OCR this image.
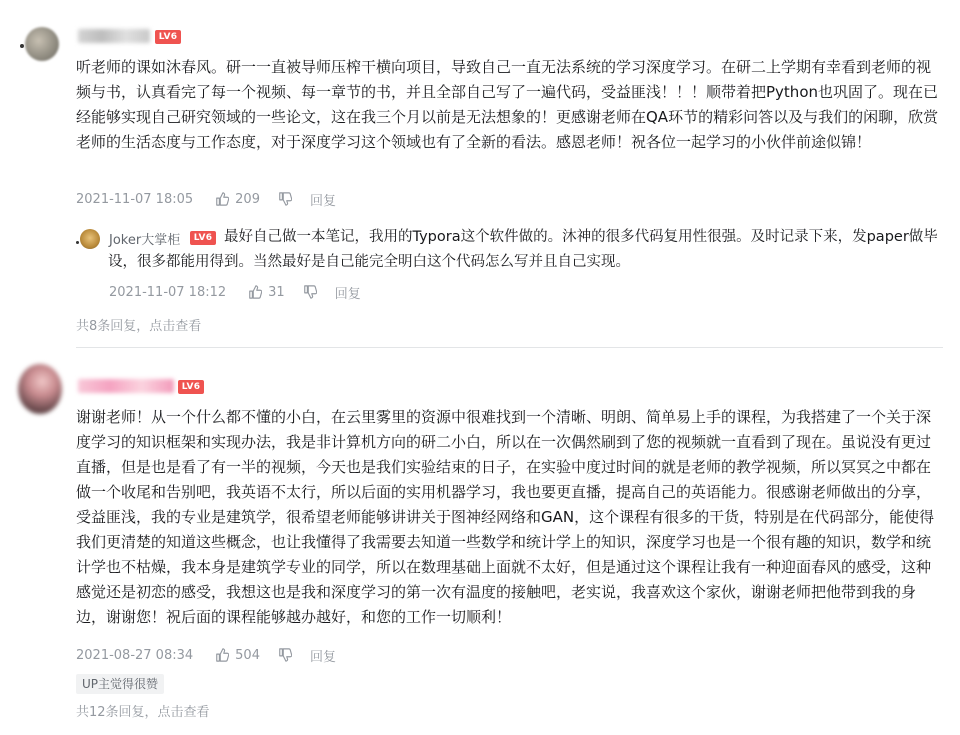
LV6
听老师的课如沐春风。研一一直被导师压榨干横向项目，导致自己一直无法系统的学习深度学习。在研二上学期有幸看到老师的视频与书，认真看完了每一个视频、每一章节的书，并且全部自己写了一遍代码，受益匪浅！！！顺带着把Python也巩固了。现在已经能够实现自己研究领域的一些论文，这在我三个月以前是无法想象的！更感谢老师在QA环节的精彩问答以及与我们的闲聊，欣赏老师的生活态度与工作态度，对于深度学习这个领域也有了全新的看法。感恩老师！祝各位一起学习的小伙伴前途似锦！
2021-11-07 18:05	209	回复
最好自己做一本笔记，我用的Typora这个软件做的。沐神的很多代码复用性很强。及时记录下来，发paper做毕设，很多都能用得到。当然最好是自己能完全明白这个代码怎么写并且自己实现。
Joker大掌柜	LV6
2021-11-07 18:12	31	回复
共8条回复，点击查看
LV6
谢谢老师！从一个什么都不懂的小白，在云里雾里的资源中很难找到一个清晰、明朗、简单易上手的课程，为我搭建了一个关于深度学习的知识框架和实现办法，我是非计算机方向的研二小白，所以在一次偶然刷到了您的视频就一直看到了现在。虽说没有更过直播，但是也是看了有一半的视频，今天也是我们实验结束的日子，在实验中度过时间的就是老师的教学视频，所以冥冥之中都在做一个收尾和告别吧，我英语不太行，所以后面的实用机器学习，我也要更直播，提高自己的英语能力。很感谢老师做出的分享，受益匪浅，我的专业是建筑学，很希望老师能够讲讲关于图神经网络和GAN，这个课程有很多的干货，特别是在代码部分，能使得我们更清楚的知道这些概念，也让我懂得了我需要去知道一些数学和统计学上的知识，深度学习也是一个很有趣的知识，数学和统计学也不枯燥，我本身是建筑学专业的同学，所以在数理基础上面就不太好，但是通过这个课程让我有一种迎面春风的感受，这种感觉还是初恋的感受，我想这也是我和深度学习的第一次有温度的接触吧，老实说，我喜欢这个家伙，谢谢老师把他带到我的身边，谢谢您！祝后面的课程能够越办越好，和您的工作一切顺利！
2021-08-27 08:34	504	回复
UP主觉得很赞
共12条回复，点击查看
